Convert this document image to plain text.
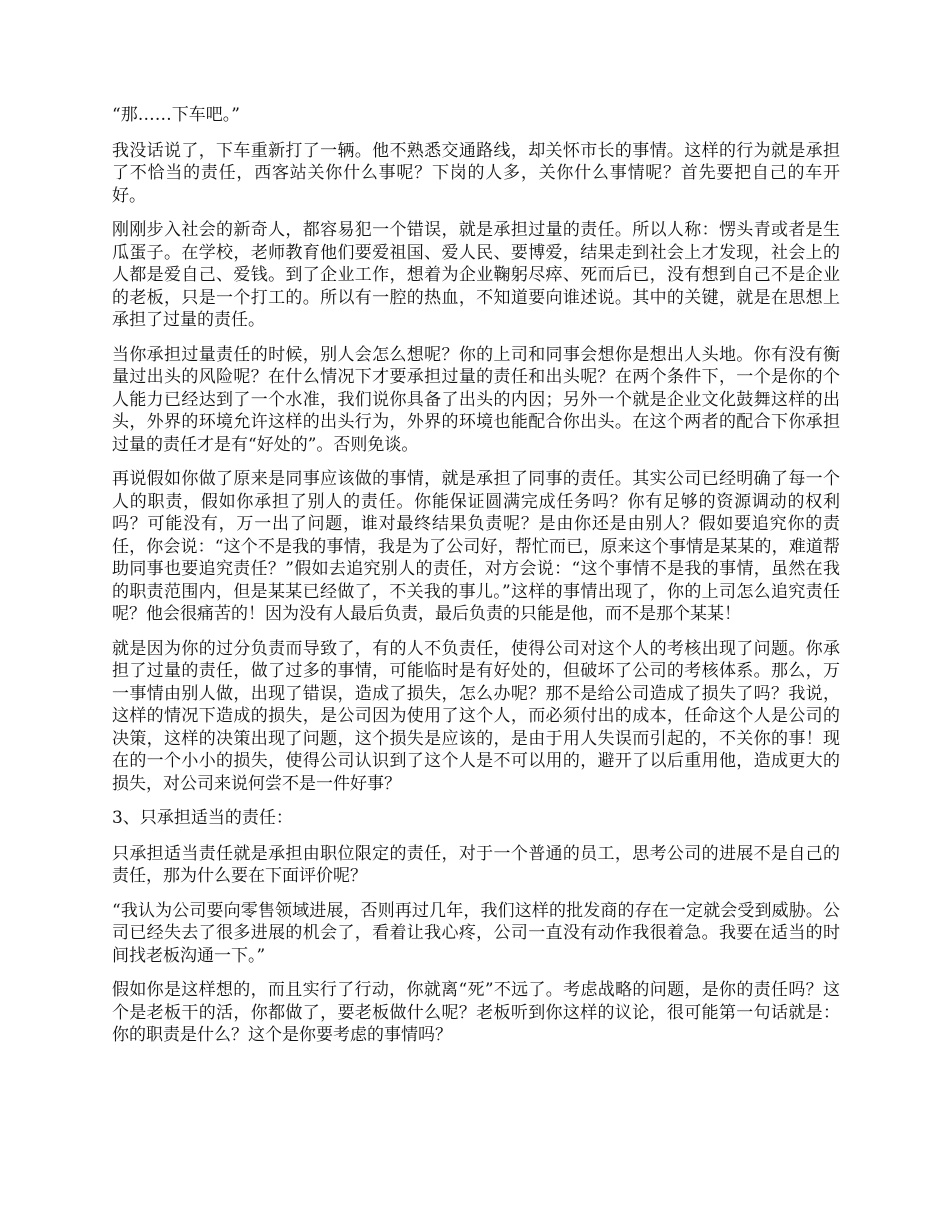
“那……下车吧。”

我没话说了，下车重新打了一辆。他不熟悉交通路线，却关怀市长的事情。这样的行为就是承担了不恰当的责任，西客站关你什么事呢？下岗的人多，关你什么事情呢？首先要把自己的车开好。

刚刚步入社会的新奇人，都容易犯一个错误，就是承担过量的责任。所以人称：愣头青或者是生瓜蛋子。在学校，老师教育他们要爱祖国、爱人民、要博爱，结果走到社会上才发现，社会上的人都是爱自己、爱钱。到了企业工作，想着为企业鞠躬尽瘁、死而后已，没有想到自己不是企业的老板，只是一个打工的。所以有一腔的热血，不知道要向谁述说。其中的关键，就是在思想上承担了过量的责任。

当你承担过量责任的时候，别人会怎么想呢？你的上司和同事会想你是想出人头地。你有没有衡量过出头的风险呢？在什么情况下才要承担过量的责任和出头呢？在两个条件下，一个是你的个人能力已经达到了一个水准，我们说你具备了出头的内因；另外一个就是企业文化鼓舞这样的出头，外界的环境允许这样的出头行为，外界的环境也能配合你出头。在这个两者的配合下你承担过量的责任才是有“好处的”。否则免谈。

再说假如你做了原来是同事应该做的事情，就是承担了同事的责任。其实公司已经明确了每一个人的职责，假如你承担了别人的责任。你能保证圆满完成任务吗？你有足够的资源调动的权利吗？可能没有，万一出了问题，谁对最终结果负责呢？是由你还是由别人？假如要追究你的责任，你会说：“这个不是我的事情，我是为了公司好，帮忙而已，原来这个事情是某某的，难道帮助同事也要追究责任？”假如去追究别人的责任，对方会说：“这个事情不是我的事情，虽然在我的职责范围内，但是某某已经做了，不关我的事儿。”这样的事情出现了，你的上司怎么追究责任呢？他会很痛苦的！因为没有人最后负责，最后负责的只能是他，而不是那个某某！

就是因为你的过分负责而导致了，有的人不负责任，使得公司对这个人的考核出现了问题。你承担了过量的责任，做了过多的事情，可能临时是有好处的，但破坏了公司的考核体系。那么，万一事情由别人做，出现了错误，造成了损失，怎么办呢？那不是给公司造成了损失了吗？我说，这样的情况下造成的损失，是公司因为使用了这个人，而必须付出的成本，任命这个人是公司的决策，这样的决策出现了问题，这个损失是应该的，是由于用人失误而引起的，不关你的事！现在的一个小小的损失，使得公司认识到了这个人是不可以用的，避开了以后重用他，造成更大的损失，对公司来说何尝不是一件好事？

3、只承担适当的责任：

只承担适当责任就是承担由职位限定的责任，对于一个普通的员工，思考公司的进展不是自己的责任，那为什么要在下面评价呢？

“我认为公司要向零售领域进展，否则再过几年，我们这样的批发商的存在一定就会受到威胁。公司已经失去了很多进展的机会了，看着让我心疼，公司一直没有动作我很着急。我要在适当的时间找老板沟通一下。”

假如你是这样想的，而且实行了行动，你就离“死”不远了。考虑战略的问题，是你的责任吗？这个是老板干的活，你都做了，要老板做什么呢？老板听到你这样的议论，很可能第一句话就是：你的职责是什么？这个是你要考虑的事情吗？
